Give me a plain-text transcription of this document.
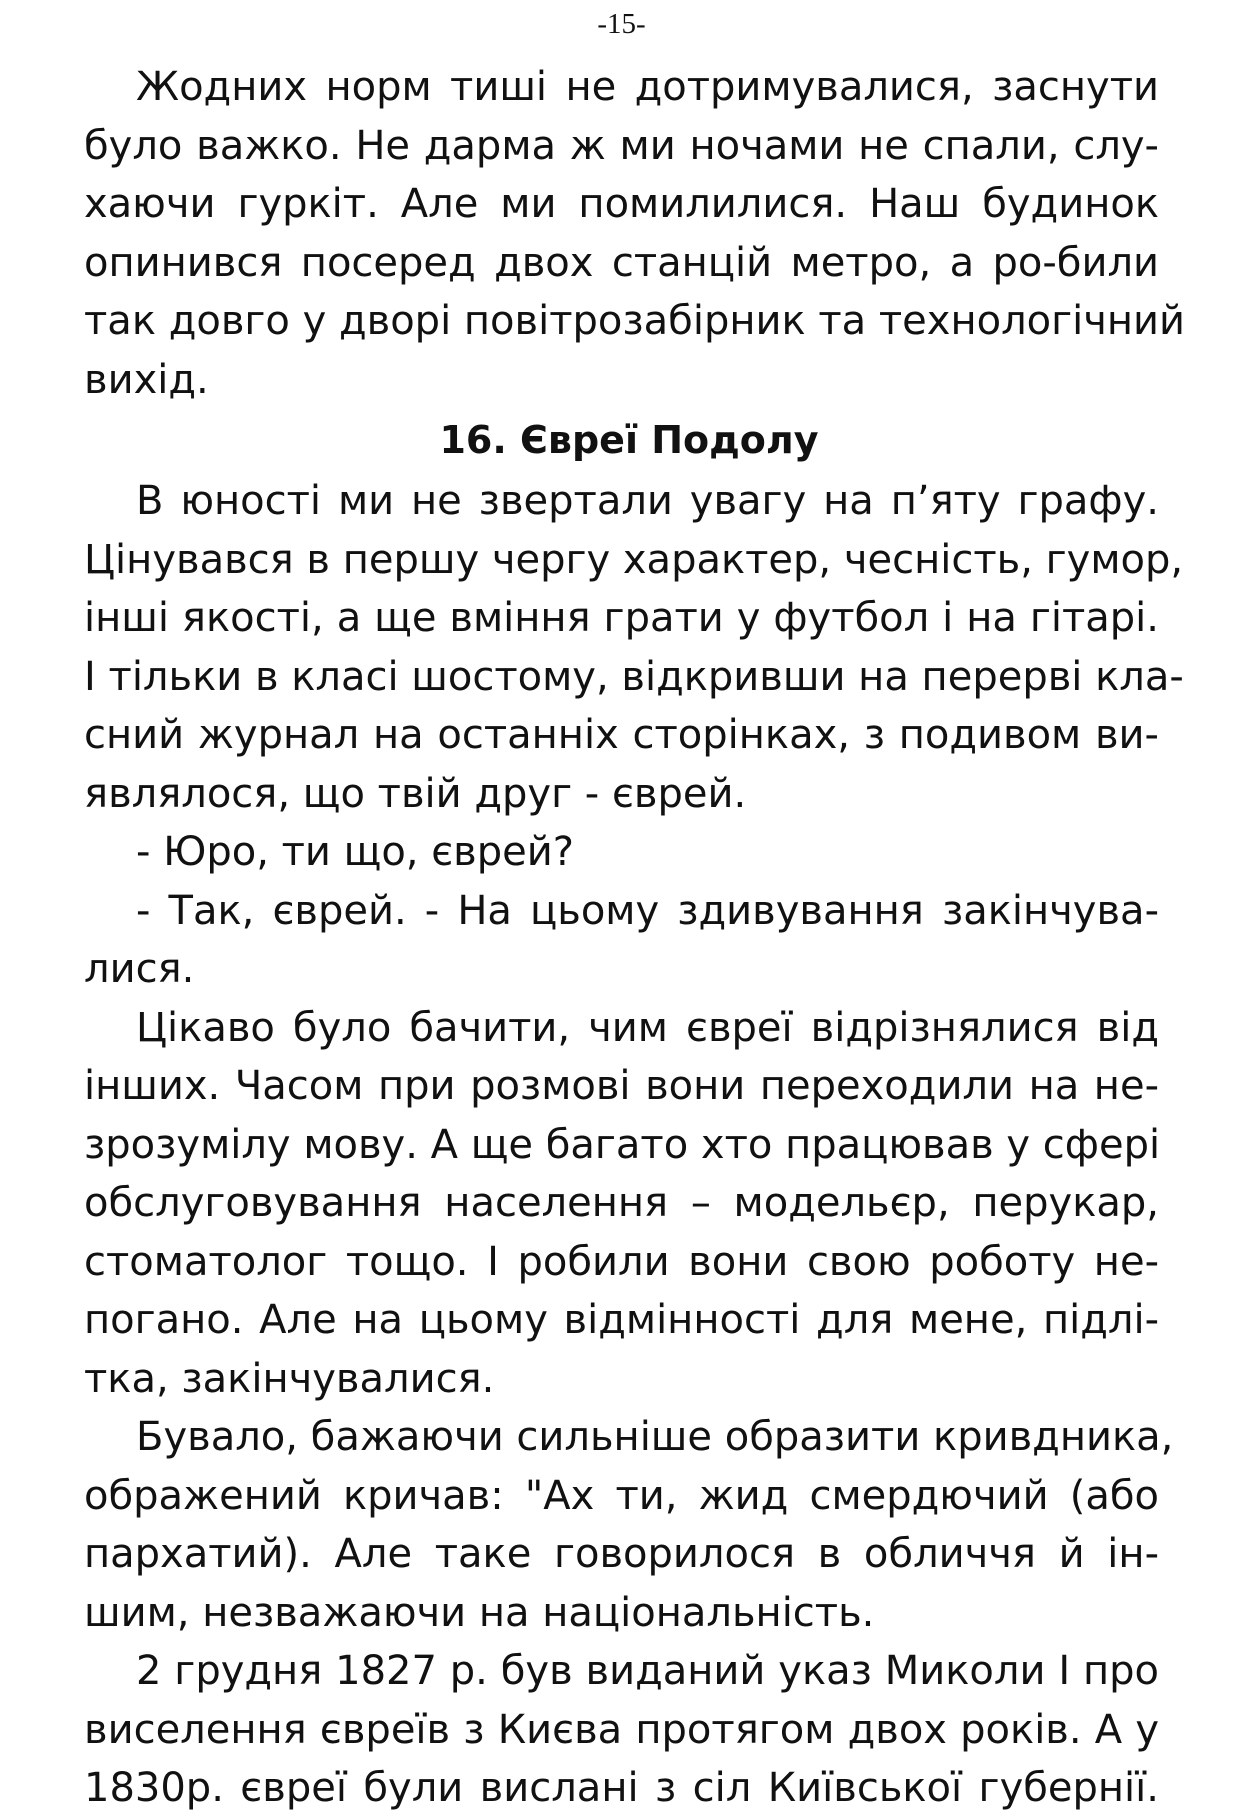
-15-
Жодних норм тиші не дотримувалися, заснути
було важко. Не дарма ж ми ночами не спали, слу-
хаючи гуркіт. Але ми помилилися. Наш будинок
опинився посеред двох станцій метро, а ро-били
так довго у дворі повітрозабірник та технологічний
вихід.
16. Євреї Подолу
В юності ми не звертали увагу на п’яту графу.
Цінувався в першу чергу характер, чесність, гумор,
інші якості, а ще вміння грати у футбол і на гітарі.
І тільки в класі шостому, відкривши на перерві кла-
сний журнал на останніх сторінках, з подивом ви-
являлося, що твій друг - єврей.
- Юро, ти що, єврей?
- Так, єврей. - На цьому здивування закінчува-
лися.
Цікаво було бачити, чим євреї відрізнялися від
інших. Часом при розмові вони переходили на не-
зрозумілу мову. А ще багато хто працював у сфері
обслуговування населення – модельєр, перукар,
стоматолог тощо. І робили вони свою роботу не-
погано. Але на цьому відмінності для мене, підлі-
тка, закінчувалися.
Бувало, бажаючи сильніше образити кривдника,
ображений кричав: "Ах ти, жид смердючий (або
пархатий). Але таке говорилося в обличчя й ін-
шим, незважаючи на національність.
2 грудня 1827 р. був виданий указ Миколи І про
виселення євреїв з Києва протягом двох років. А у
1830р. євреї були вислані з сіл Київської губернії.
